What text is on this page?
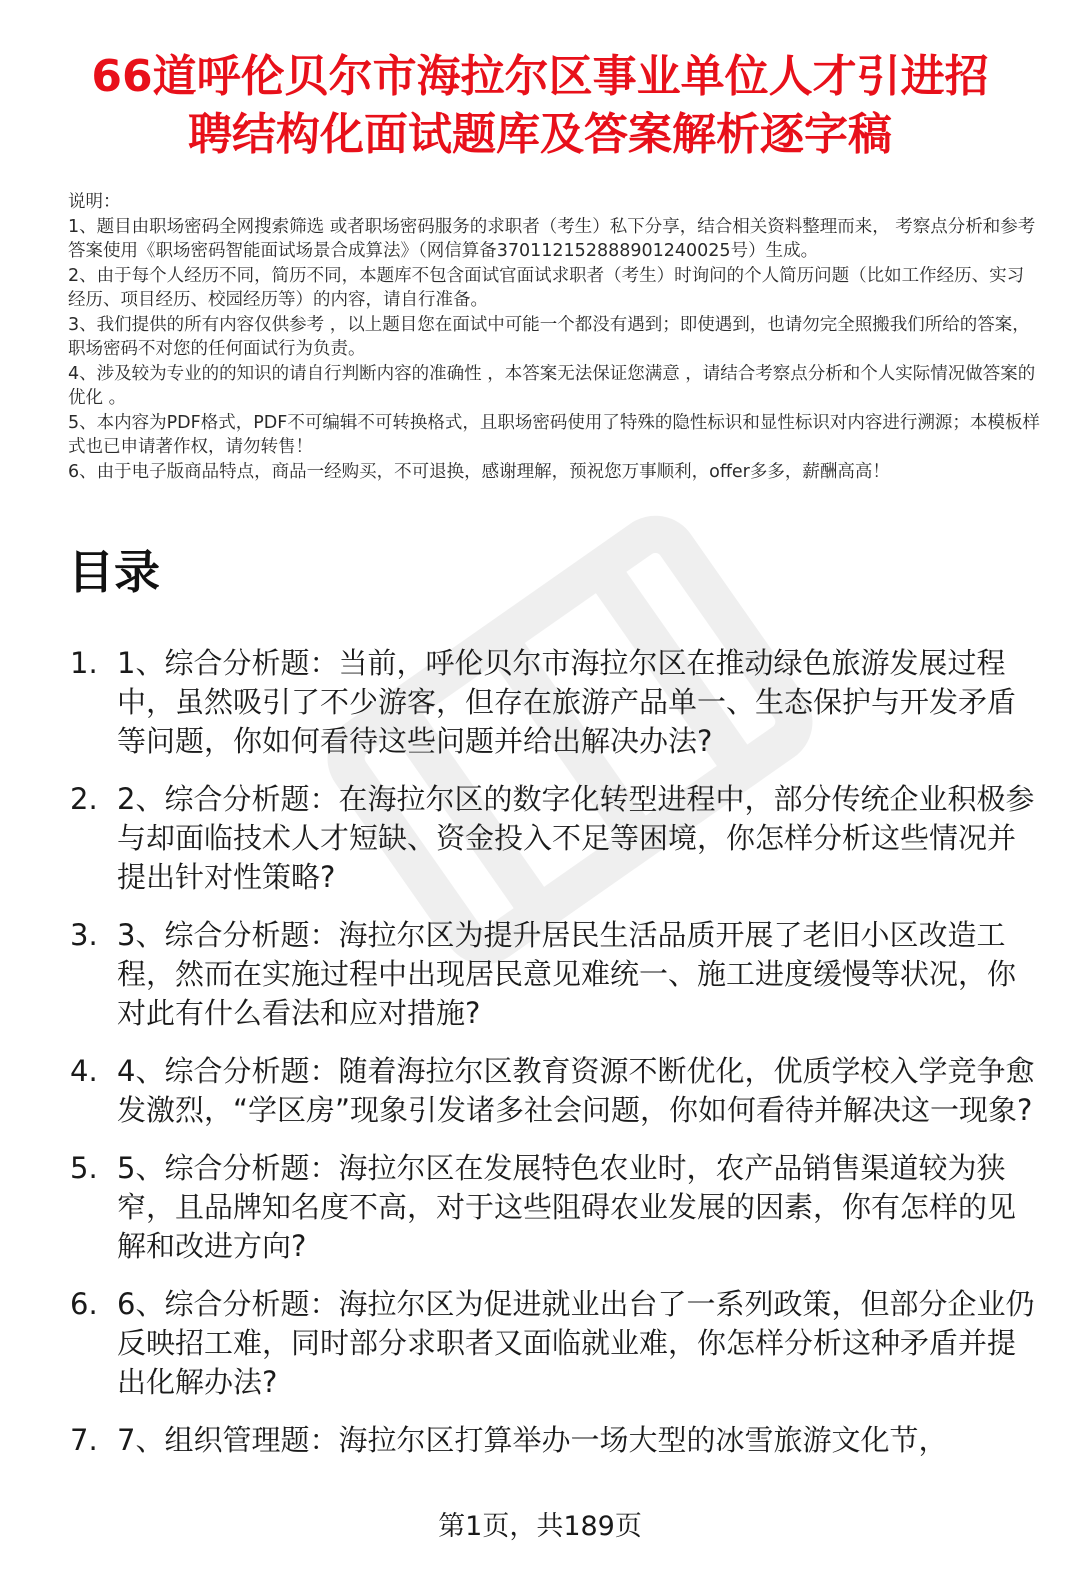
66道呼伦贝尔市海拉尔区事业单位人才引进招
聘结构化面试题库及答案解析逐字稿

说明：

1、题目由职场密码全网搜索筛选 或者职场密码服务的求职者（考生）私下分享，结合相关资料整理而来， 考察点分析和参考答案使用《职场密码智能面试场景合成算法》（网信算备370112152888901240025号）生成。

2、由于每个人经历不同，简历不同，本题库不包含面试官面试求职者（考生）时询问的个人简历问题（比如工作经历、实习经历、项目经历、校园经历等）的内容，请自行准备。

3、我们提供的所有内容仅供参考 ，以上题目您在面试中可能一个都没有遇到；即使遇到，也请勿完全照搬我们所给的答案，职场密码不对您的任何面试行为负责。

4、涉及较为专业的的知识的请自行判断内容的准确性 ，本答案无法保证您满意 ，请结合考察点分析和个人实际情况做答案的优化 。

5、本内容为PDF格式，PDF不可编辑不可转换格式，且职场密码使用了特殊的隐性标识和显性标识对内容进行溯源；本模板样式也已申请著作权，请勿转售！

6、由于电子版商品特点，商品一经购买，不可退换，感谢理解，预祝您万事顺利，offer多多，薪酬高高！

目录
1. 1、综合分析题：当前，呼伦贝尔市海拉尔区在推动绿色旅游发展过程中，虽然吸引了不少游客，但存在旅游产品单一、生态保护与开发矛盾等问题，你如何看待这些问题并给出解决办法?
2. 2、综合分析题：在海拉尔区的数字化转型进程中，部分传统企业积极参与却面临技术人才短缺、资金投入不足等困境，你怎样分析这些情况并提出针对性策略?
3. 3、综合分析题：海拉尔区为提升居民生活品质开展了老旧小区改造工程，然而在实施过程中出现居民意见难统一、施工进度缓慢等状况，你对此有什么看法和应对措施?
4. 4、综合分析题：随着海拉尔区教育资源不断优化，优质学校入学竞争愈发激烈，“学区房”现象引发诸多社会问题，你如何看待并解决这一现象?
5. 5、综合分析题：海拉尔区在发展特色农业时，农产品销售渠道较为狭窄，且品牌知名度不高，对于这些阻碍农业发展的因素，你有怎样的见解和改进方向?
6. 6、综合分析题：海拉尔区为促进就业出台了一系列政策，但部分企业仍反映招工难，同时部分求职者又面临就业难，你怎样分析这种矛盾并提出化解办法?
7. 7、组织管理题：海拉尔区打算举办一场大型的冰雪旅游文化节，
第1页，共189页
